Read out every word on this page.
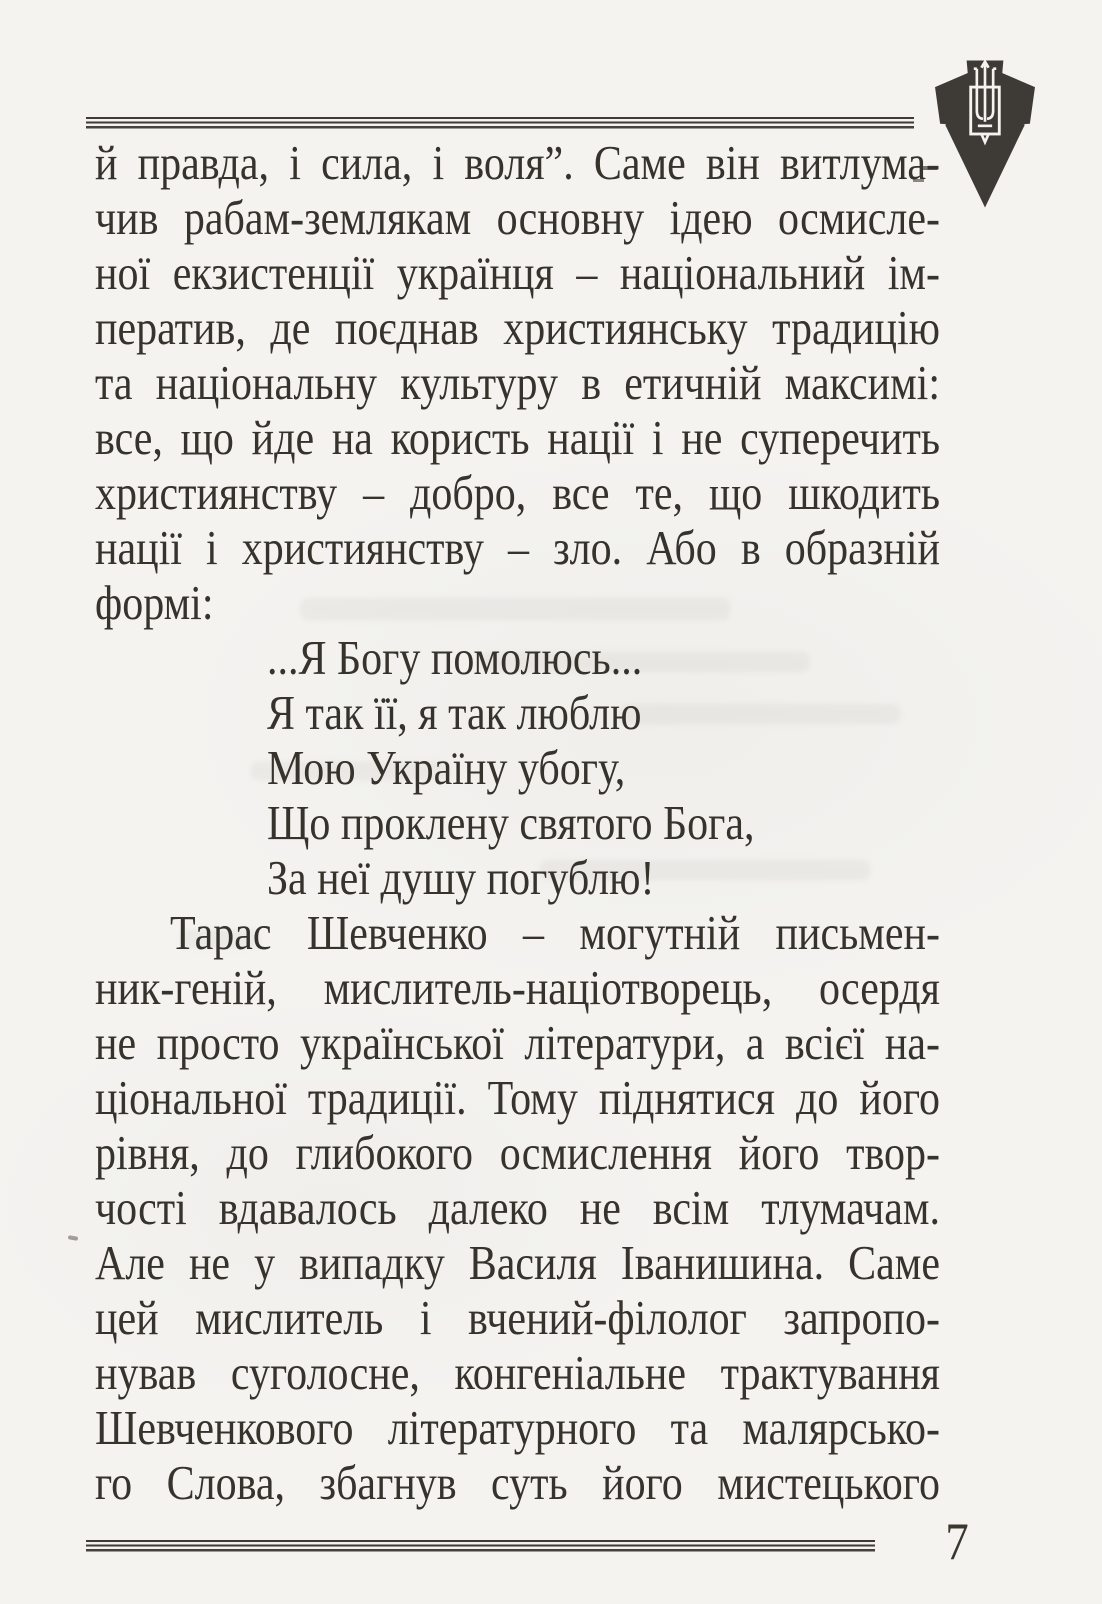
й правда, і сила, і воля”. Саме він витлума-
чив рабам-землякам основну ідею осмисле-
ної екзистенції українця – національний ім-
ператив, де поєднав християнську традицію
та національну культуру в етичній максимі:
все, що йде на користь нації і не суперечить
християнству – добро, все те, що шкодить
нації і християнству – зло. Або в образній
формі:
...Я Богу помолюсь...
Я так її, я так люблю
Мою Україну убогу,
Що проклену святого Бога,
За неї душу погублю!
Тарас Шевченко – могутній письмен-
ник-геній, мислитель-націотворець, осердя
не просто української літератури, а всієї на-
ціональної традиції. Тому піднятися до його
рівня, до глибокого осмислення його твор-
чості вдавалось далеко не всім тлумачам.
Але не у випадку Василя Іванишина. Саме
цей мислитель і вчений-філолог запропо-
нував суголосне, конгеніальне трактування
Шевченкового літературного та малярсько-
го Слова, збагнув суть його мистецького
7
